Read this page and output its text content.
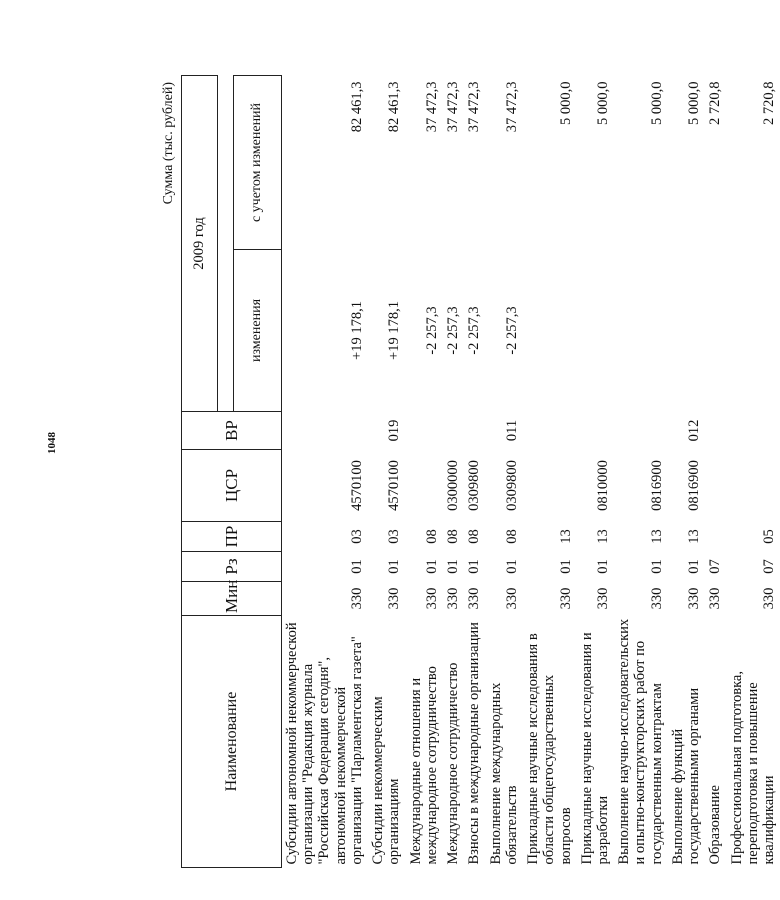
1048
Сумма (тыс. рублей)
Наименование	Мин	Рз	ПР	ЦСР	ВР	2009 год	

						изменения	с учетом изменений
Субсидии автономной некоммерческой организации "Редакция журнала "Российская Федерация сегодня", автономной некоммерческой организации "Парламентская газета"	330	01	03	4570100		+19 178,1	82 461,3
Субсидии некоммерческим организациям	330	01	03	4570100	019	+19 178,1	82 461,3
Международные отношения и международное сотрудничество	330	01	08			-2 257,3	37 472,3
Международное сотрудничество	330	01	08	0300000		-2 257,3	37 472,3
Взносы в международные организации	330	01	08	0309800		-2 257,3	37 472,3
Выполнение международных обязательств	330	01	08	0309800	011	-2 257,3	37 472,3
Прикладные научные исследования в области общегосударственных вопросов	330	01	13				5 000,0
Прикладные научные исследования и разработки	330	01	13	0810000			5 000,0
Выполнение научно-исследовательских и опытно-конструкторских работ по государственным контрактам	330	01	13	0816900			5 000,0
Выполнение функций государственными органами	330	01	13	0816900	012		5 000,0
Образование	330	07					2 720,8
Профессиональная подготовка, переподготовка и повышение квалификации	330	07	05				2 720,8
